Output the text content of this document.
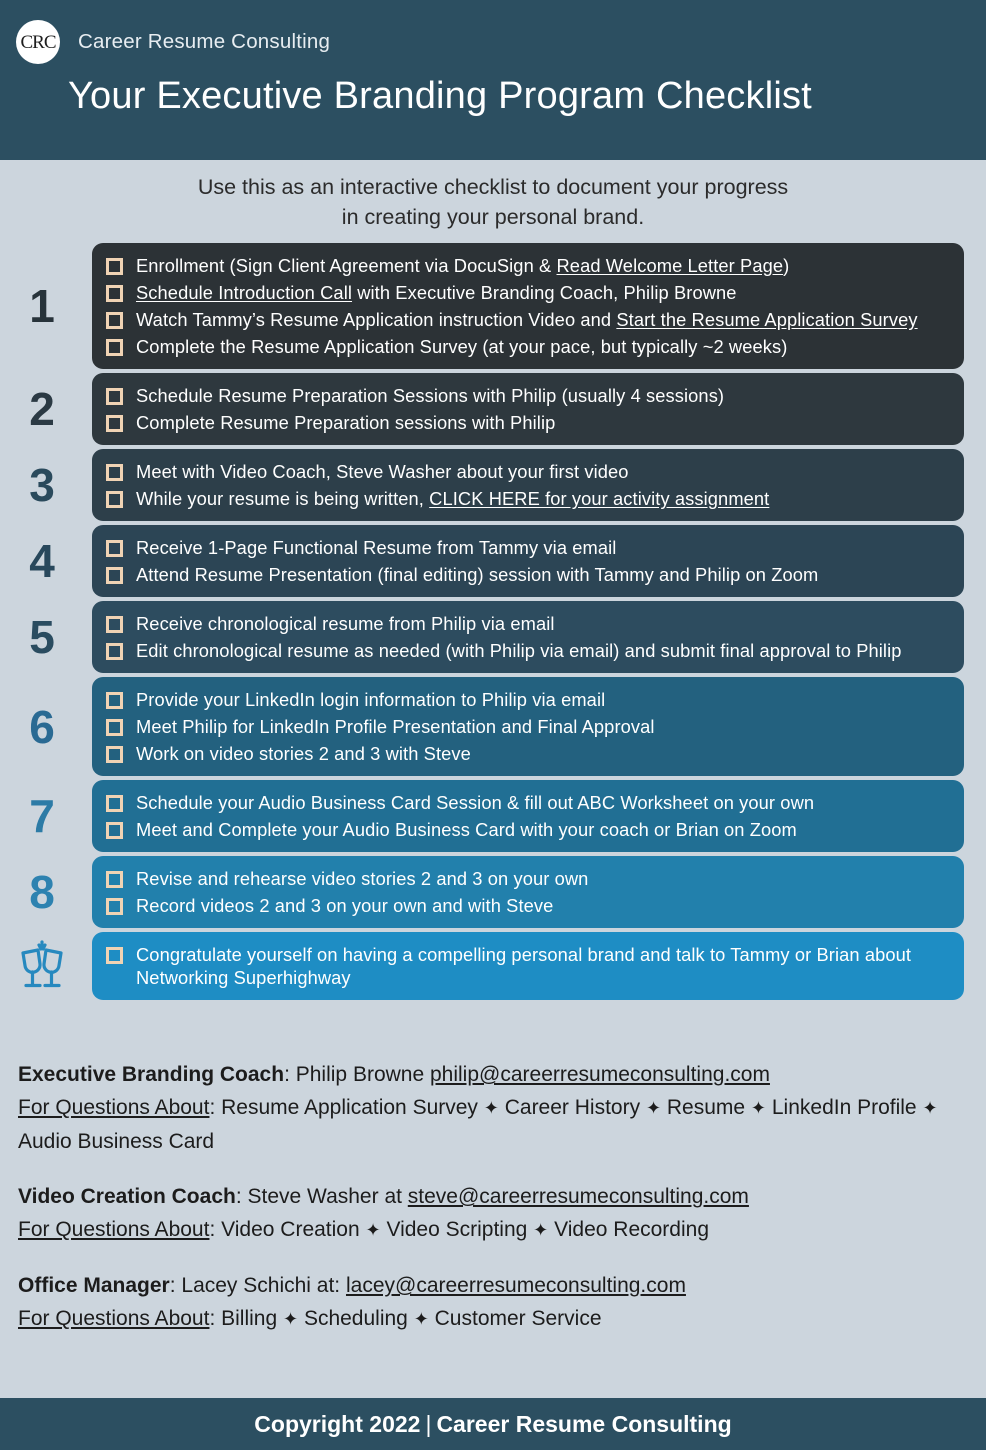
CRC Career Resume Consulting
Your Executive Branding Program Checklist
Use this as an interactive checklist to document your progress
in creating your personal brand.
1
Enrollment (Sign Client Agreement via DocuSign & Read Welcome Letter Page)
Schedule Introduction Call with Executive Branding Coach, Philip Browne
Watch Tammy’s Resume Application instruction Video and Start the Resume Application Survey
Complete the Resume Application Survey (at your pace, but typically ~2 weeks)
2	Schedule Resume Preparation Sessions with Philip (usually 4 sessions)
Complete Resume Preparation sessions with Philip
3	Meet with Video Coach, Steve Washer about your first video
While your resume is being written, CLICK HERE for your activity assignment
4	Receive 1-Page Functional Resume from Tammy via email
Attend Resume Presentation (final editing) session with Tammy and Philip on Zoom
5	Receive chronological resume from Philip via email
Edit chronological resume as needed (with Philip via email) and submit final approval to Philip
6
Provide your LinkedIn login information to Philip via email
Meet Philip for LinkedIn Profile Presentation and Final Approval
Work on video stories 2 and 3 with Steve
7	Schedule your Audio Business Card Session & fill out ABC Worksheet on your own
Meet and Complete your Audio Business Card with your coach or Brian on Zoom
8	Revise and rehearse video stories 2 and 3 on your own
Record videos 2 and 3 on your own and with Steve
Congratulate yourself on having a compelling personal brand and talk to Tammy or Brian about Networking Superhighway
Executive Branding Coach: Philip Browne philip@careerresumeconsulting.com
For Questions About: Resume Application Survey ✦ Career History ✦ Resume ✦ LinkedIn Profile ✦ Audio Business Card
Video Creation Coach: Steve Washer at steve@careerresumeconsulting.com
For Questions About: Video Creation ✦ Video Scripting ✦ Video Recording
Office Manager: Lacey Schichi at: lacey@careerresumeconsulting.com
For Questions About: Billing ✦ Scheduling ✦ Customer Service
Copyright 2022 | Career Resume Consulting
